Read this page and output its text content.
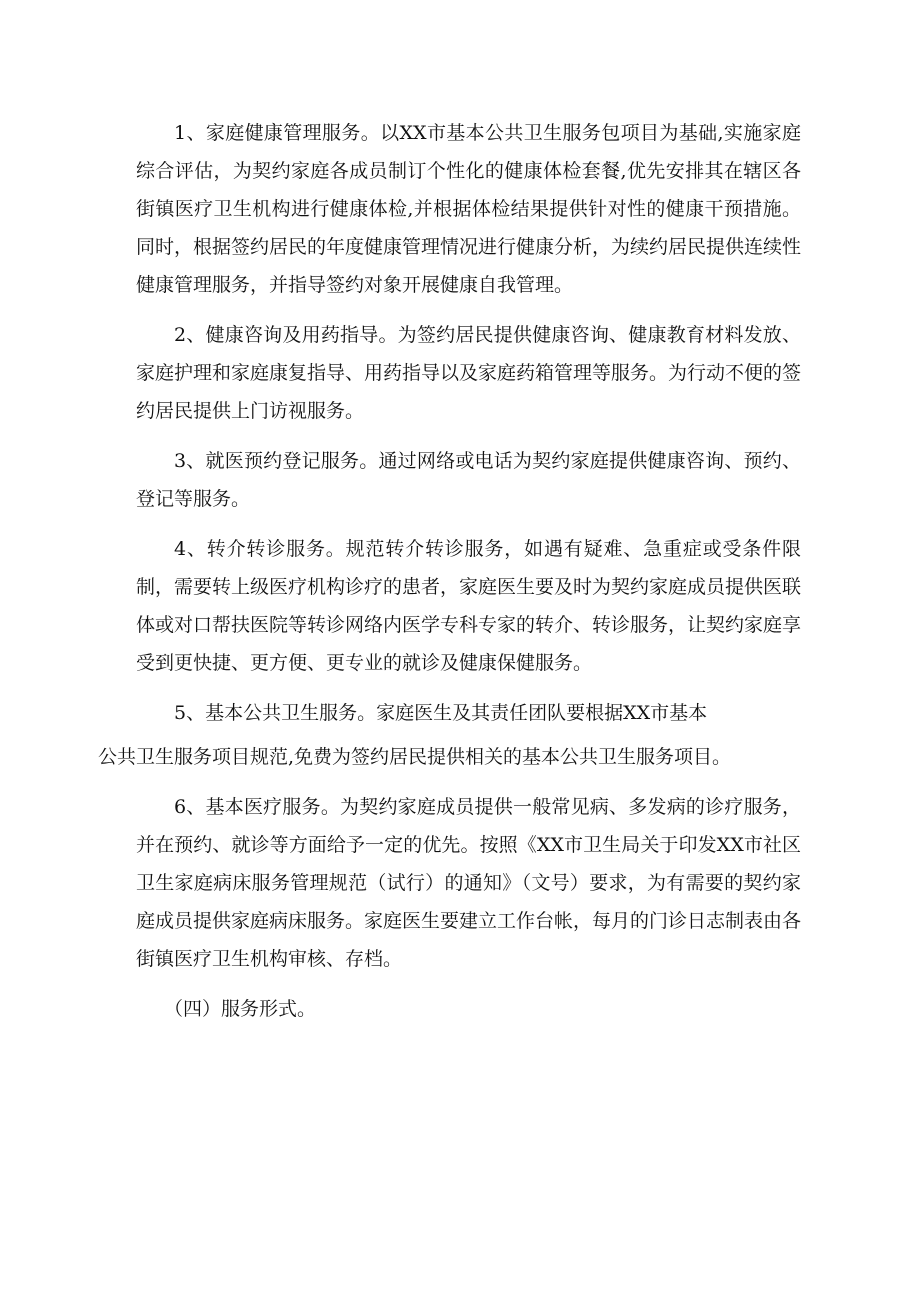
1、家庭健康管理服务。以XX市基本公共卫生服务包项目为基础,实施家庭综合评估，为契约家庭各成员制订个性化的健康体检套餐,优先安排其在辖区各街镇医疗卫生机构进行健康体检,并根据体检结果提供针对性的健康干预措施。同时，根据签约居民的年度健康管理情况进行健康分析，为续约居民提供连续性健康管理服务，并指导签约对象开展健康自我管理。

2、健康咨询及用药指导。为签约居民提供健康咨询、健康教育材料发放、家庭护理和家庭康复指导、用药指导以及家庭药箱管理等服务。为行动不便的签约居民提供上门访视服务。

3、就医预约登记服务。通过网络或电话为契约家庭提供健康咨询、预约、登记等服务。

4、转介转诊服务。规范转介转诊服务，如遇有疑难、急重症或受条件限制，需要转上级医疗机构诊疗的患者，家庭医生要及时为契约家庭成员提供医联体或对口帮扶医院等转诊网络内医学专科专家的转介、转诊服务，让契约家庭享受到更快捷、更方便、更专业的就诊及健康保健服务。

5、基本公共卫生服务。家庭医生及其责任团队要根据XX市基本
公共卫生服务项目规范,免费为签约居民提供相关的基本公共卫生服务项目。

6、基本医疗服务。为契约家庭成员提供一般常见病、多发病的诊疗服务，并在预约、就诊等方面给予一定的优先。按照《XX市卫生局关于印发XX市社区卫生家庭病床服务管理规范（试行）的通知》（文号）要求，为有需要的契约家庭成员提供家庭病床服务。家庭医生要建立工作台帐，每月的门诊日志制表由各街镇医疗卫生机构审核、存档。

（四）服务形式。
